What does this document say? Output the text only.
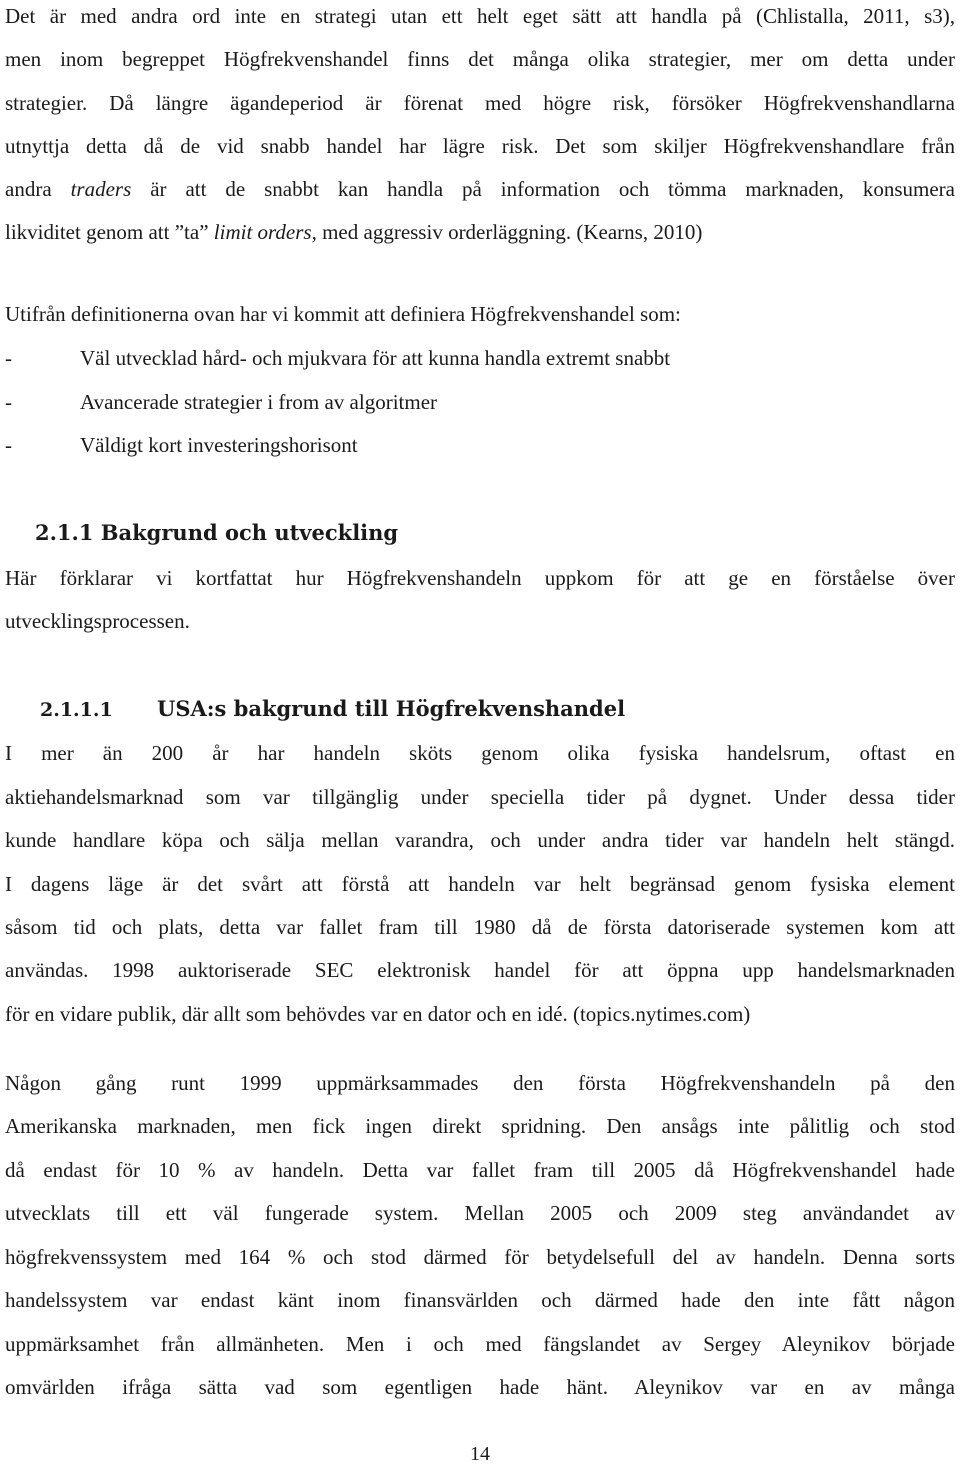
Det är med andra ord inte en strategi utan ett helt eget sätt att handla på (Chlistalla, 2011, s3),
men inom begreppet Högfrekvenshandel finns det många olika strategier, mer om detta under
strategier. Då längre ägandeperiod är förenat med högre risk, försöker Högfrekvenshandlarna
utnyttja detta då de vid snabb handel har lägre risk. Det som skiljer Högfrekvenshandlare från
andra traders är att de snabbt kan handla på information och tömma marknaden, konsumera
likviditet genom att ”ta” limit orders, med aggressiv orderläggning. (Kearns, 2010)
Utifrån definitionerna ovan har vi kommit att definiera Högfrekvenshandel som:
-	Väl utvecklad hård- och mjukvara för att kunna handla extremt snabbt
-	Avancerade strategier i from av algoritmer
-	Väldigt kort investeringshorisont
2.1.1 Bakgrund och utveckling
Här förklarar vi kortfattat hur Högfrekvenshandeln uppkom för att ge en förståelse över
utvecklingsprocessen.
2.1.1.1 USA:s bakgrund till Högfrekvenshandel
I mer än 200 år har handeln sköts genom olika fysiska handelsrum, oftast en
aktiehandelsmarknad som var tillgänglig under speciella tider på dygnet. Under dessa tider
kunde handlare köpa och sälja mellan varandra, och under andra tider var handeln helt stängd.
I dagens läge är det svårt att förstå att handeln var helt begränsad genom fysiska element
såsom tid och plats, detta var fallet fram till 1980 då de första datoriserade systemen kom att
användas. 1998 auktoriserade SEC elektronisk handel för att öppna upp handelsmarknaden
för en vidare publik, där allt som behövdes var en dator och en idé. (topics.nytimes.com)
Någon gång runt 1999 uppmärksammades den första Högfrekvenshandeln på den
Amerikanska marknaden, men fick ingen direkt spridning. Den ansågs inte pålitlig och stod
då endast för 10 % av handeln. Detta var fallet fram till 2005 då Högfrekvenshandel hade
utvecklats till ett väl fungerade system. Mellan 2005 och 2009 steg användandet av
högfrekvenssystem med 164 % och stod därmed för betydelsefull del av handeln. Denna sorts
handelssystem var endast känt inom finansvärlden och därmed hade den inte fått någon
uppmärksamhet från allmänheten. Men i och med fängslandet av Sergey Aleynikov började
omvärlden ifråga sätta vad som egentligen hade hänt. Aleynikov var en av många
14
